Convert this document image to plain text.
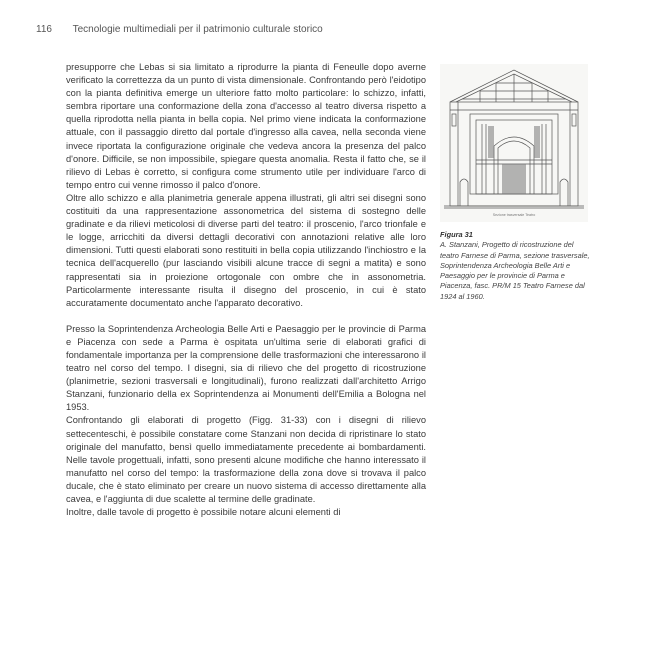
116 Tecnologie multimediali per il patrimonio culturale storico

presupporre che Lebas si sia limitato a riprodurre la pianta di Feneulle dopo averne verificato la correttezza da un punto di vista dimensionale. Confrontando però l'eidotipo con la pianta definitiva emerge un ulteriore fatto molto particolare: lo schizzo, infatti, sembra riportare una conformazione della zona d'accesso al teatro diversa rispetto a quella riprodotta nella pianta in bella copia. Nel primo viene indicata la conformazione attuale, con il passaggio diretto dal portale d'ingresso alla cavea, nella seconda viene invece riportata la configurazione originale che vedeva ancora la presenza del palco d'onore. Difficile, se non impossibile, spiegare questa anomalia. Resta il fatto che, se il rilievo di Lebas è corretto, si configura come strumento utile per individuare l'arco di tempo entro cui venne rimosso il palco d'onore.

Oltre allo schizzo e alla planimetria generale appena illustrati, gli altri sei disegni sono costituiti da una rappresentazione assonometrica del sistema di sostegno delle gradinate e da rilievi meticolosi di diverse parti del teatro: il proscenio, l'arco trionfale e le logge, arricchiti da diversi dettagli decorativi con annotazioni relative alle loro dimensioni. Tutti questi elaborati sono restituiti in bella copia utilizzando l'inchiostro e la tecnica dell'acquerello (pur lasciando visibili alcune tracce di segni a matita) e sono rappresentati sia in proiezione ortogonale con ombre che in assonometria. Particolarmente interessante risulta il disegno del proscenio, in cui è stato accuratamente documentato anche l'apparato decorativo.

Presso la Soprintendenza Archeologia Belle Arti e Paesaggio per le provincie di Parma e Piacenza con sede a Parma è ospitata un'ultima serie di elaborati grafici di fondamentale importanza per la comprensione delle trasformazioni che interessarono il teatro nel corso del tempo. I disegni, sia di rilievo che del progetto di ricostruzione (planimetrie, sezioni trasversali e longitudinali), furono realizzati dall'architetto Arrigo Stanzani, funzionario della ex Soprintendenza ai Monumenti dell'Emilia a Bologna nel 1953.

Confrontando gli elaborati di progetto (Figg. 31-33) con i disegni di rilievo settecenteschi, è possibile constatare come Stanzani non decida di ripristinare lo stato originale del manufatto, bensì quello immediatamente precedente ai bombardamenti. Nelle tavole progettuali, infatti, sono presenti alcune modifiche che hanno interessato il manufatto nel corso del tempo: la trasformazione della zona dove si trovava il palco ducale, che è stato eliminato per creare un nuovo sistema di accesso direttamente alla cavea, e l'aggiunta di due scalette al termine delle gradinate.

Inoltre, dalle tavole di progetto è possibile notare alcuni elementi di

Sezione trasversale Teatro
Figura 31
A. Stanzani, Progetto di ricostruzione del teatro Farnese di Parma, sezione trasversale, Soprintendenza Archeologia Belle Arti e Paesaggio per le provincie di Parma e Piacenza, fasc. PR/M 15 Teatro Farnese dal 1924 al 1960.
